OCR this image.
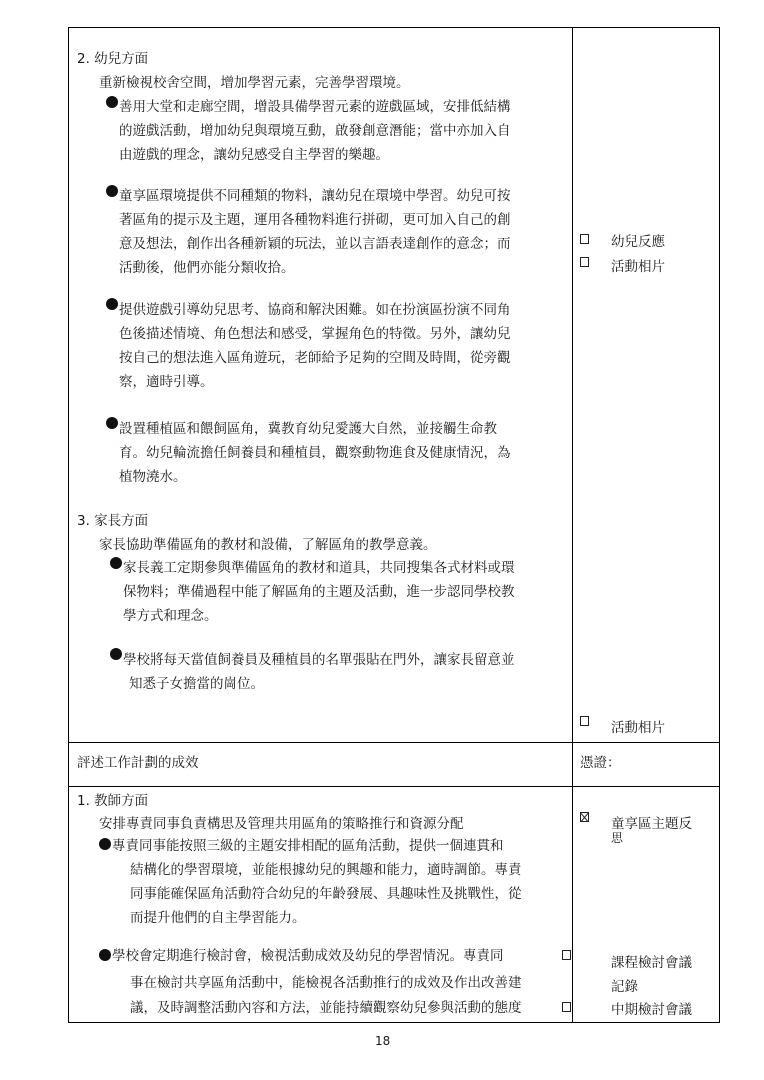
2. 幼兒方面
重新檢視校舍空間，增加學習元素，完善學習環境。
善用大堂和走廊空間，增設具備學習元素的遊戲區域，安排低結構
的遊戲活動，增加幼兒與環境互動，啟發創意潛能；當中亦加入自
由遊戲的理念，讓幼兒感受自主學習的樂趣。
童享區環境提供不同種類的物料，讓幼兒在環境中學習。幼兒可按
著區角的提示及主題，運用各種物料進行拼砌，更可加入自己的創
意及想法，創作出各種新穎的玩法，並以言語表達創作的意念；而
活動後，他們亦能分類收拾。
提供遊戲引導幼兒思考、協商和解決困難。如在扮演區扮演不同角
色後描述情境、角色想法和感受，掌握角色的特徵。另外，讓幼兒
按自己的想法進入區角遊玩，老師給予足夠的空間及時間，從旁觀
察，適時引導。
設置種植區和餵飼區角，冀教育幼兒愛護大自然，並接觸生命教
育。幼兒輪流擔任飼養員和種植員，觀察動物進食及健康情況，為
植物澆水。
3. 家長方面
家長協助準備區角的教材和設備，了解區角的教學意義。
家長義工定期參與準備區角的教材和道具，共同搜集各式材料或環
保物料；準備過程中能了解區角的主題及活動，進一步認同學校教
學方式和理念。
學校將每天當值飼養員及種植員的名單張貼在門外，讓家長留意並
知悉子女擔當的崗位。
幼兒反應
活動相片
活動相片
評述工作計劃的成效	憑證：
1. 教師方面
安排專責同事負責構思及管理共用區角的策略推行和資源分配
專責同事能按照三級的主題安排相配的區角活動，提供一個連貫和
結構化的學習環境，並能根據幼兒的興趣和能力，適時調節。專責
同事能確保區角活動符合幼兒的年齡發展、具趣味性及挑戰性，從
而提升他們的自主學習能力。
學校會定期進行檢討會，檢視活動成效及幼兒的學習情況。專責同
事在檢討共享區角活動中，能檢視各活動推行的成效及作出改善建
議，及時調整活動內容和方法，並能持續觀察幼兒參與活動的態度
童享區主題反
思
課程檢討會議
記錄
中期檢討會議
18
